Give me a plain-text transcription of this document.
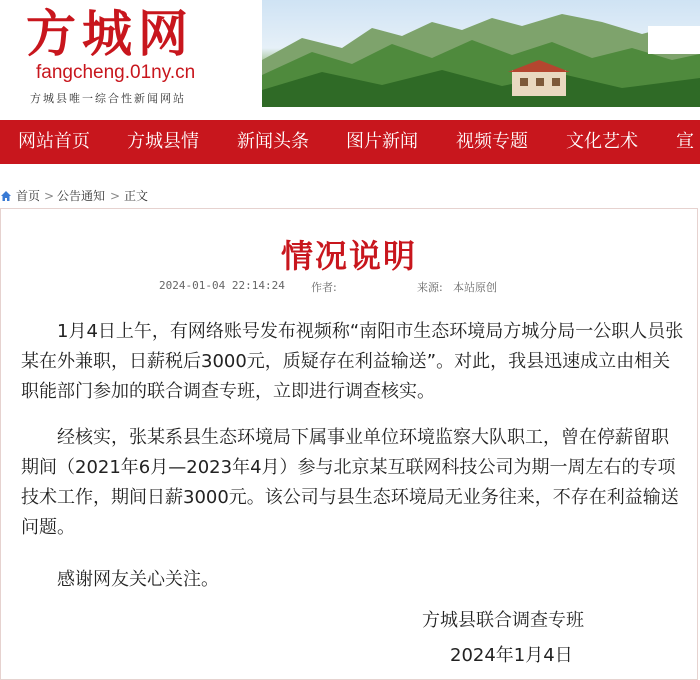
方城网
fangcheng.01ny.cn
方城县唯一综合性新闻网站
网站首页 方城县情 新闻头条 图片新闻 视频专题 文化艺术 宣
首页 > 公告通知 > 正文
情况说明
2024-01-04 22:14:24 作者:	来源: 本站原创

1月4日上午，有网络账号发布视频称“南阳市生态环境局方城分局一公职人员张某在外兼职，日薪税后3000元，质疑存在利益输送”。对此，我县迅速成立由相关职能部门参加的联合调查专班，立即进行调查核实。

经核实，张某系县生态环境局下属事业单位环境监察大队职工，曾在停薪留职期间（2021年6月—2023年4月）参与北京某互联网科技公司为期一周左右的专项技术工作，期间日薪3000元。该公司与县生态环境局无业务往来，不存在利益输送问题。

感谢网友关心关注。

方城县联合调查专班
2024年1月4日
